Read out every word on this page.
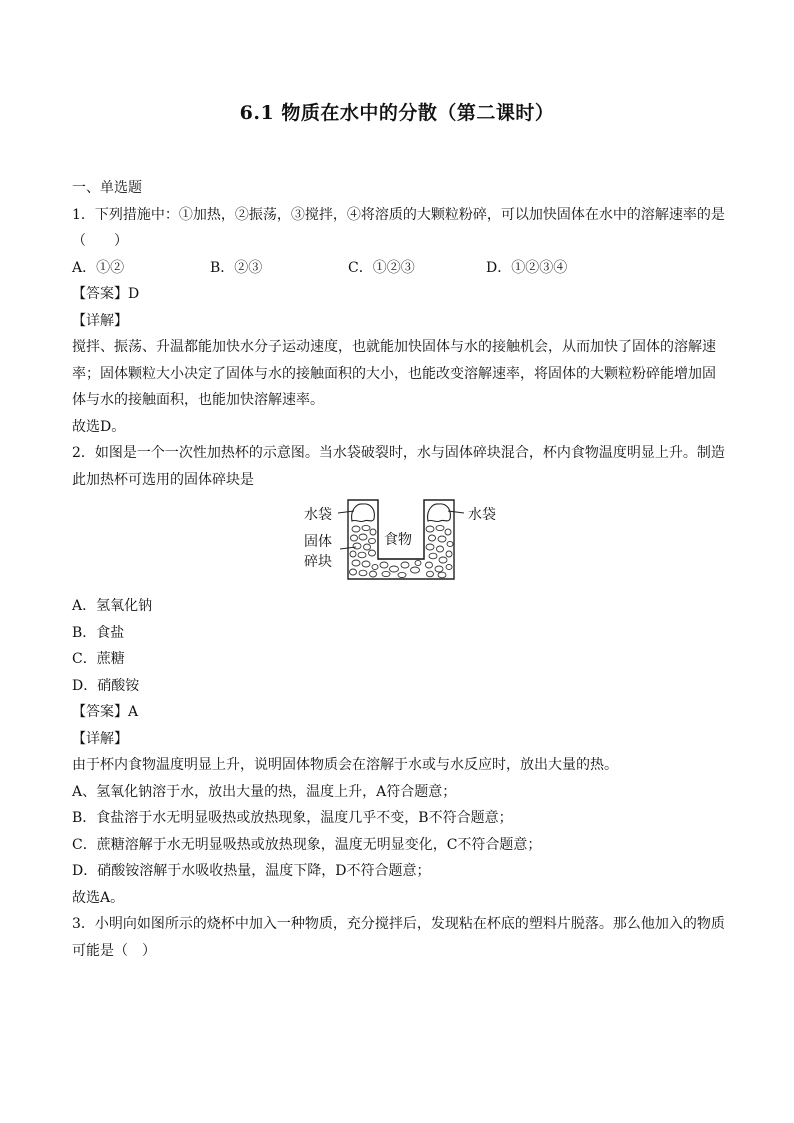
6.1 物质在水中的分散（第二课时）
一、单选题
1．下列措施中：①加热，②振荡，③搅拌，④将溶质的大颗粒粉碎，可以加快固体在水中的溶解速率的是
（　　）
A．①②	B．②③	C．①②③	D．①②③④
【答案】D
【详解】
搅拌、振荡、升温都能加快水分子运动速度，也就能加快固体与水的接触机会，从而加快了固体的溶解速
率；固体颗粒大小决定了固体与水的接触面积的大小，也能改变溶解速率，将固体的大颗粒粉碎能增加固
体与水的接触面积，也能加快溶解速率。
故选D。
2．如图是一个一次性加热杯的示意图。当水袋破裂时，水与固体碎块混合，杯内食物温度明显上升。制造
此加热杯可选用的固体碎块是
水袋	水袋
固体
碎块
食物
A．氢氧化钠
B．食盐
C．蔗糖
D．硝酸铵
【答案】A
【详解】
由于杯内食物温度明显上升，说明固体物质会在溶解于水或与水反应时，放出大量的热。
A、氢氧化钠溶于水，放出大量的热，温度上升，A符合题意；
B．食盐溶于水无明显吸热或放热现象，温度几乎不变，B不符合题意；
C．蔗糖溶解于水无明显吸热或放热现象，温度无明显变化，C不符合题意；
D．硝酸铵溶解于水吸收热量，温度下降，D不符合题意；
故选A。
3．小明向如图所示的烧杯中加入一种物质，充分搅拌后，发现粘在杯底的塑料片脱落。那么他加入的物质
可能是（　）
